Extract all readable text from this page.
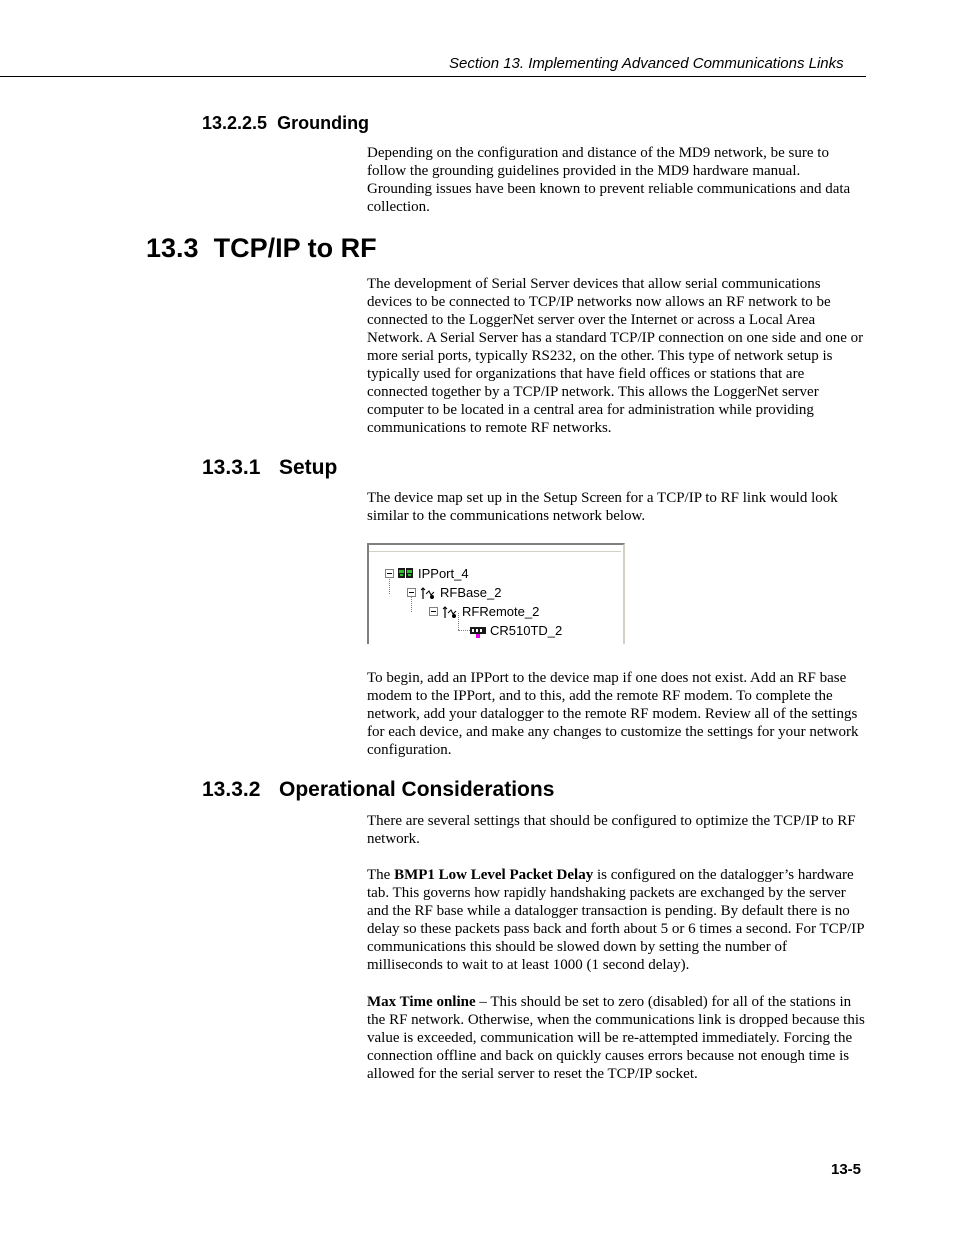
Section 13. Implementing Advanced Communications Links
13.2.2.5 Grounding
Depending on the configuration and distance of the MD9 network, be sure to follow the grounding guidelines provided in the MD9 hardware manual. Grounding issues have been known to prevent reliable communications and data collection.
13.3 TCP/IP to RF
The development of Serial Server devices that allow serial communications devices to be connected to TCP/IP networks now allows an RF network to be connected to the LoggerNet server over the Internet or across a Local Area Network. A Serial Server has a standard TCP/IP connection on one side and one or more serial ports, typically RS232, on the other. This type of network setup is typically used for organizations that have field offices or stations that are connected together by a TCP/IP network. This allows the LoggerNet server computer to be located in a central area for administration while providing communications to remote RF networks.
13.3.1 Setup
The device map set up in the Setup Screen for a TCP/IP to RF link would look similar to the communications network below.
IPPort_4
RFBase_2
RFRemote_2
CR510TD_2
To begin, add an IPPort to the device map if one does not exist. Add an RF base modem to the IPPort, and to this, add the remote RF modem. To complete the network, add your datalogger to the remote RF modem. Review all of the settings for each device, and make any changes to customize the settings for your network configuration.
13.3.2 Operational Considerations
There are several settings that should be configured to optimize the TCP/IP to RF network.
The BMP1 Low Level Packet Delay is configured on the datalogger’s hardware tab. This governs how rapidly handshaking packets are exchanged by the server and the RF base while a datalogger transaction is pending. By default there is no delay so these packets pass back and forth about 5 or 6 times a second. For TCP/IP communications this should be slowed down by setting the number of milliseconds to wait to at least 1000 (1 second delay).
Max Time online – This should be set to zero (disabled) for all of the stations in the RF network. Otherwise, when the communications link is dropped because this value is exceeded, communication will be re-attempted immediately. Forcing the connection offline and back on quickly causes errors because not enough time is allowed for the serial server to reset the TCP/IP socket.
13-5
